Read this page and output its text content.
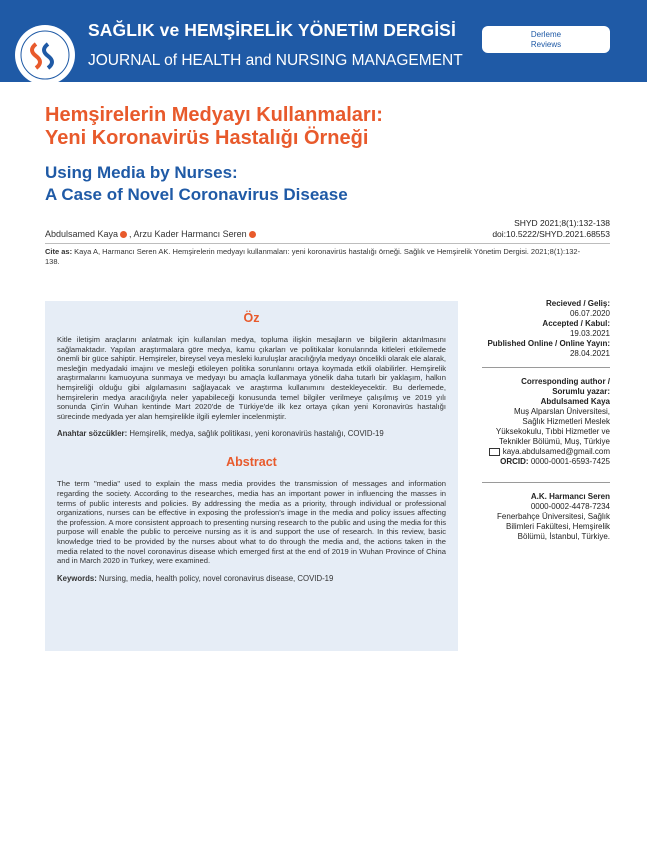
SAĞLIK ve HEMŞİRELİK YÖNETİM DERGİSİ
JOURNAL of HEALTH and NURSING MANAGEMENT
Derleme
Reviews
Hemşirelerin Medyayı Kullanmaları:
Yeni Koronavirüs Hastalığı Örneği
Using Media by Nurses:
A Case of Novel Coronavirus Disease
Abdulsamed Kaya , Arzu Kader Harmancı Seren
SHYD 2021;8(1):132-138
doi:10.5222/SHYD.2021.68553
Cite as: Kaya A, Harmancı Seren AK. Hemşirelerin medyayı kullanmaları: yeni koronavirüs hastalığı örneği. Sağlık ve Hemşirelik Yönetim Dergisi. 2021;8(1):132-138.
Öz

Kitle iletişim araçlarını anlatmak için kullanılan medya, topluma ilişkin mesajların ve bilgilerin aktarılmasını sağlamaktadır. Yapılan araştırmalara göre medya, kamu çıkarları ve politikalar konularında kitleleri etkilemede önemli bir güce sahiptir. Hemşireler, bireysel veya mesleki kuruluşlar aracılığıyla medyayı öncelikli olarak ele alarak, mesleğin medyadaki imajını ve mesleği etkileyen politika sorunlarını ortaya koymada etkili olabilirler. Hemşirelik araştırmalarını kamuoyuna sunmaya ve medyayı bu amaçla kullanmaya yönelik daha tutarlı bir yaklaşım, halkın hemşireliği olduğu gibi algılamasını sağlayacak ve araştırma kullanımını destekleyecektir. Bu derlemede, hemşirelerin medya aracılığıyla neler yapabileceği konusunda temel bilgiler verilmeye çalışılmış ve 2019 yılı sonunda Çin'in Wuhan kentinde Mart 2020'de de Türkiye'de ilk kez ortaya çıkan yeni Koronavirüs hastalığı sürecinde medyada yer alan hemşirelikle ilgili eylemler incelenmiştir.

Anahtar sözcükler: Hemşirelik, medya, sağlık politikası, yeni koronavirüs hastalığı, COVID-19

Abstract

The term "media" used to explain the mass media provides the transmission of messages and information regarding the society. According to the researches, media has an important power in influencing the masses in terms of public interests and policies. By addressing the media as a priority, through individual or professional organizations, nurses can be effective in exposing the profession's image in the media and policy issues affecting the profession. A more consistent approach to presenting nursing research to the public and using the media for this purpose will enable the public to perceive nursing as it is and support the use of research. In this review, basic knowledge tried to be provided by the nurses about what to do through the media and, the actions taken in the media related to the novel coronavirus disease which emerged first at the end of 2019 in Wuhan Province of China and in March 2020 in Turkey, were examined.

Keywords: Nursing, media, health policy, novel coronavirus disease, COVID-19

Recieved / Geliş:
06.07.2020
Accepted / Kabul:
19.03.2021
Published Online / Online Yayın:
28.04.2021
Corresponding author /
Sorumlu yazar:
Abdulsamed Kaya
Muş Alparslan Üniversitesi,
Sağlık Hizmetleri Meslek
Yüksekokulu, Tıbbi Hizmetler ve
Teknikler Bölümü, Muş, Türkiye
kaya.abdulsamed@gmail.com
ORCID: 0000-0001-6593-7425
A.K. Harmancı Seren
0000-0002-4478-7234
Fenerbahçe Üniversitesi, Sağlık
Bilimleri Fakültesi, Hemşirelik
Bölümü, İstanbul, Türkiye.
